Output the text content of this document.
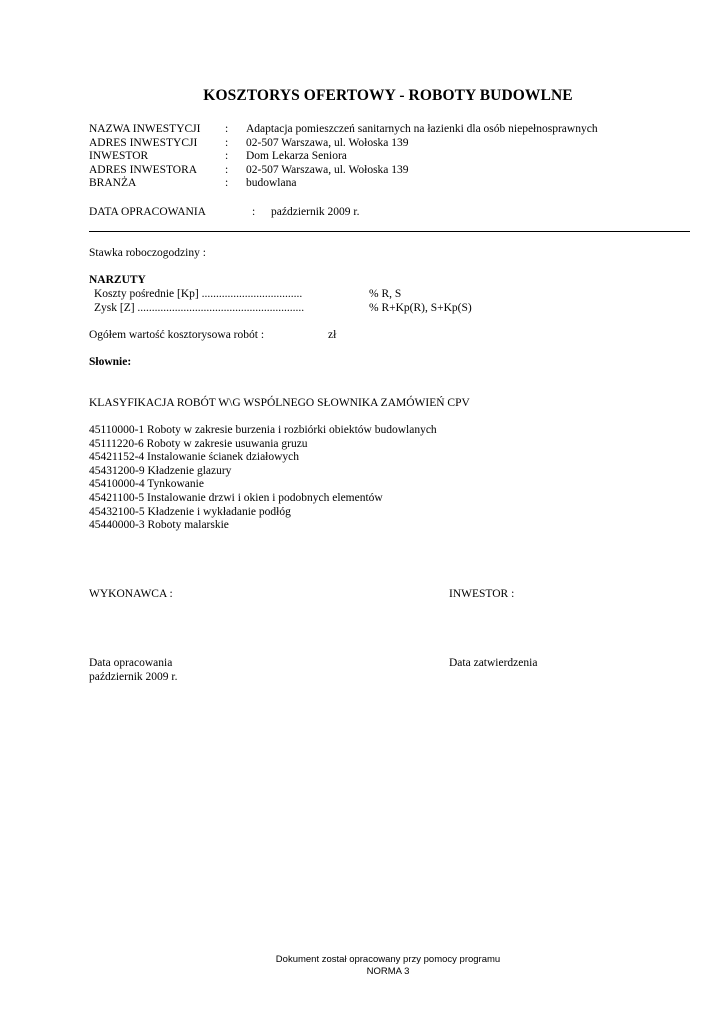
KOSZTORYS OFERTOWY - ROBOTY BUDOWLNE
NAZWA INWESTYCJI : Adaptacja pomieszczeń sanitarnych na łazienki dla osób niepełnosprawnych
ADRES INWESTYCJI : 02-507 Warszawa, ul. Wołoska 139
INWESTOR	: Dom Lekarza Seniora
ADRES INWESTORA : 02-507 Warszawa, ul. Wołoska 139
BRANŻA	: budowlana
DATA OPRACOWANIA	: październik 2009 r.
Stawka roboczogodziny :
NARZUTY
Koszty pośrednie [Kp] ...................................	% R, S
Zysk [Z] ..........................................................	% R+Kp(R), S+Kp(S)
Ogółem wartość kosztorysowa robót :	zł
Słownie:
KLASYFIKACJA ROBÓT W\G WSPÓLNEGO SŁOWNIKA ZAMÓWIEŃ CPV
45110000-1 Roboty w zakresie burzenia i rozbiórki obiektów budowlanych
45111220-6 Roboty w zakresie usuwania gruzu
45421152-4 Instalowanie ścianek działowych
45431200-9 Kładzenie glazury
45410000-4 Tynkowanie
45421100-5 Instalowanie drzwi i okien i podobnych elementów
45432100-5 Kładzenie i wykładanie podłóg
45440000-3 Roboty malarskie
WYKONAWCA :	INWESTOR :
Data opracowania
październik 2009 r.
Data zatwierdzenia
Dokument został opracowany przy pomocy programu
NORMA 3
